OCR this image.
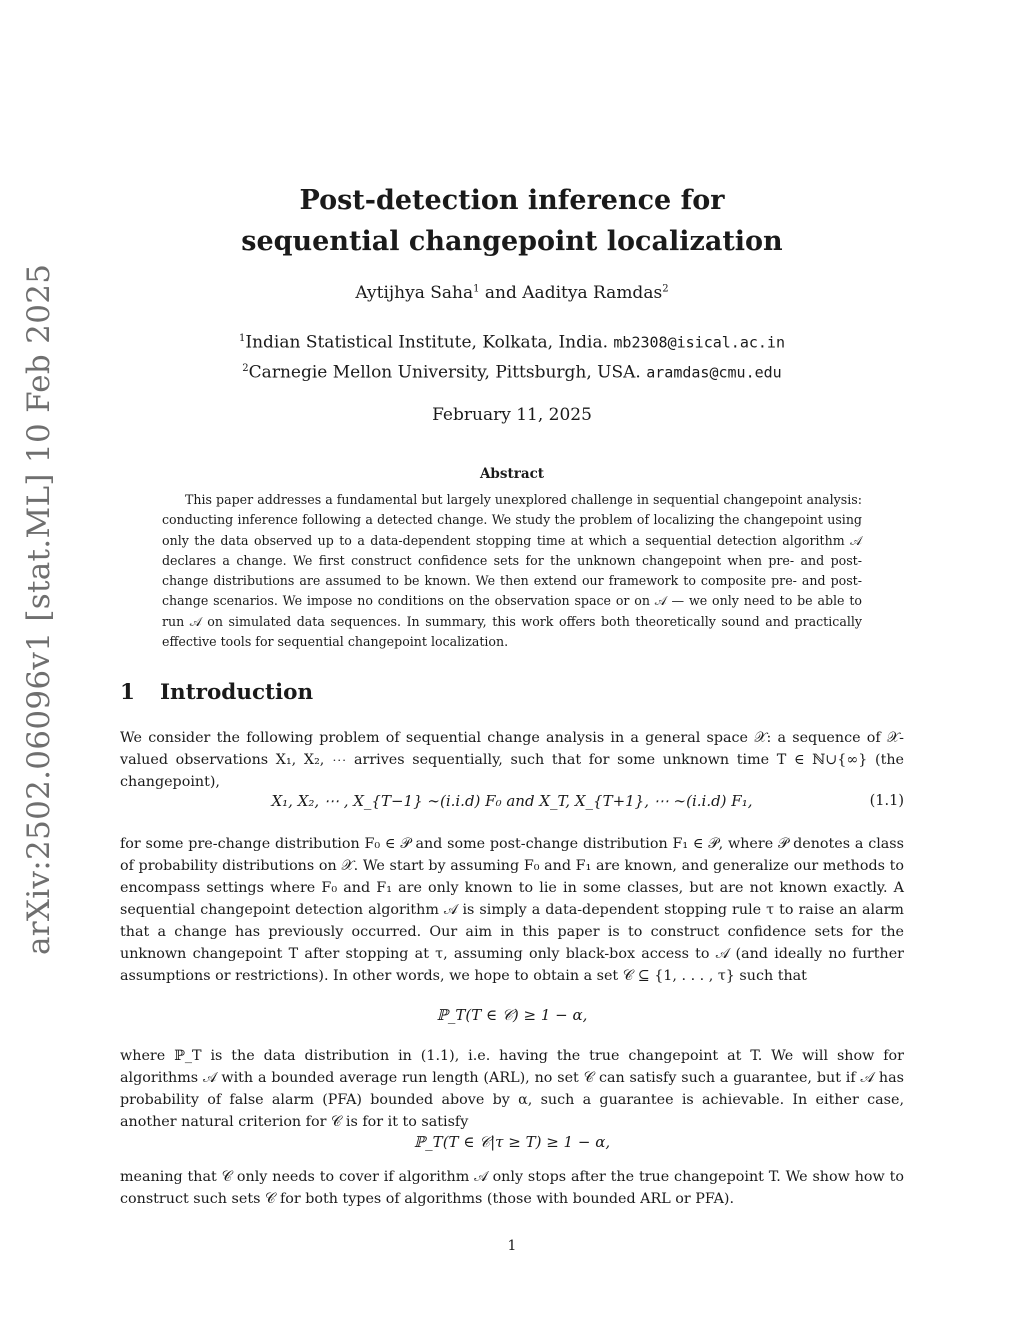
arXiv:2502.06096v1 [stat.ML] 10 Feb 2025
Post-detection inference for
sequential changepoint localization
Aytijhya Saha$^1$ and Aaditya Ramdas$^2$
$^1$Indian Statistical Institute, Kolkata, India. mb2308@isical.ac.in
$^2$Carnegie Mellon University, Pittsburgh, USA. aramdas@cmu.edu
February 11, 2025
Abstract
This paper addresses a fundamental but largely unexplored challenge in sequential changepoint analysis: conducting inference following a detected change. We study the problem of localizing the changepoint using only the data observed up to a data-dependent stopping time at which a sequential detection algorithm 𝒜 declares a change. We first construct confidence sets for the unknown changepoint when pre- and post-change distributions are assumed to be known. We then extend our framework to composite pre- and post-change scenarios. We impose no conditions on the observation space or on 𝒜 — we only need to be able to run 𝒜 on simulated data sequences. In summary, this work offers both theoretically sound and practically effective tools for sequential changepoint localization.
1 Introduction
We consider the following problem of sequential change analysis in a general space 𝒳: a sequence of 𝒳-valued observations X₁, X₂, ⋯ arrives sequentially, such that for some unknown time T ∈ ℕ∪{∞} (the changepoint),
X₁, X₂, ⋯ , X_{T−1} ∼(i.i.d) F₀ and X_T, X_{T+1}, ⋯ ∼(i.i.d) F₁,	(1.1)
for some pre-change distribution F₀ ∈ 𝒫 and some post-change distribution F₁ ∈ 𝒫, where 𝒫 denotes a class of probability distributions on 𝒳. We start by assuming F₀ and F₁ are known, and generalize our methods to encompass settings where F₀ and F₁ are only known to lie in some classes, but are not known exactly. A sequential changepoint detection algorithm 𝒜 is simply a data-dependent stopping rule τ to raise an alarm that a change has previously occurred. Our aim in this paper is to construct confidence sets for the unknown changepoint T after stopping at τ, assuming only black-box access to 𝒜 (and ideally no further assumptions or restrictions). In other words, we hope to obtain a set 𝒞 ⊆ {1, . . . , τ} such that
ℙ_T(T ∈ 𝒞) ≥ 1 − α,
where ℙ_T is the data distribution in (1.1), i.e. having the true changepoint at T. We will show for algorithms 𝒜 with a bounded average run length (ARL), no set 𝒞 can satisfy such a guarantee, but if 𝒜 has probability of false alarm (PFA) bounded above by α, such a guarantee is achievable. In either case, another natural criterion for 𝒞 is for it to satisfy
ℙ_T(T ∈ 𝒞|τ ≥ T) ≥ 1 − α,
meaning that 𝒞 only needs to cover if algorithm 𝒜 only stops after the true changepoint T. We show how to construct such sets 𝒞 for both types of algorithms (those with bounded ARL or PFA).
1
